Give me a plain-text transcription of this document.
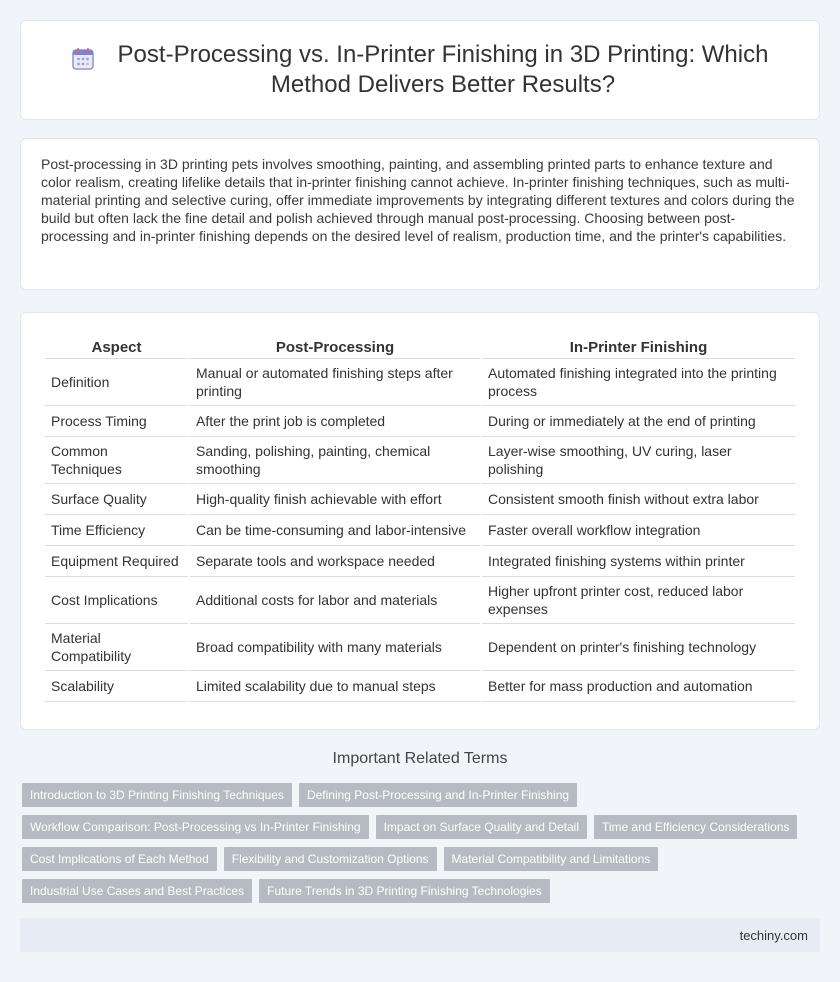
Post-Processing vs. In-Printer Finishing in 3D Printing: Which Method Delivers Better Results?

Post-processing in 3D printing pets involves smoothing, painting, and assembling printed parts to enhance texture and color realism, creating lifelike details that in-printer finishing cannot achieve. In-printer finishing techniques, such as multi-material printing and selective curing, offer immediate improvements by integrating different textures and colors during the build but often lack the fine detail and polish achieved through manual post-processing. Choosing between post-processing and in-printer finishing depends on the desired level of realism, production time, and the printer's capabilities.

Aspect	Post-Processing	In-Printer Finishing
Definition	Manual or automated finishing steps after printing	Automated finishing integrated into the printing process
Process Timing	After the print job is completed	During or immediately at the end of printing
Common Techniques	Sanding, polishing, painting, chemical smoothing	Layer-wise smoothing, UV curing, laser polishing
Surface Quality	High-quality finish achievable with effort	Consistent smooth finish without extra labor
Time Efficiency	Can be time-consuming and labor-intensive	Faster overall workflow integration
Equipment Required	Separate tools and workspace needed	Integrated finishing systems within printer
Cost Implications	Additional costs for labor and materials	Higher upfront printer cost, reduced labor expenses
Material Compatibility	Broad compatibility with many materials	Dependent on printer's finishing technology
Scalability	Limited scalability due to manual steps	Better for mass production and automation
Important Related Terms
Introduction to 3D Printing Finishing Techniques	Defining Post-Processing and In-Printer Finishing
Workflow Comparison: Post-Processing vs In-Printer Finishing	Impact on Surface Quality and Detail	Time and Efficiency Considerations
Cost Implications of Each Method	Flexibility and Customization Options	Material Compatibility and Limitations
Industrial Use Cases and Best Practices	Future Trends in 3D Printing Finishing Technologies
techiny.com
